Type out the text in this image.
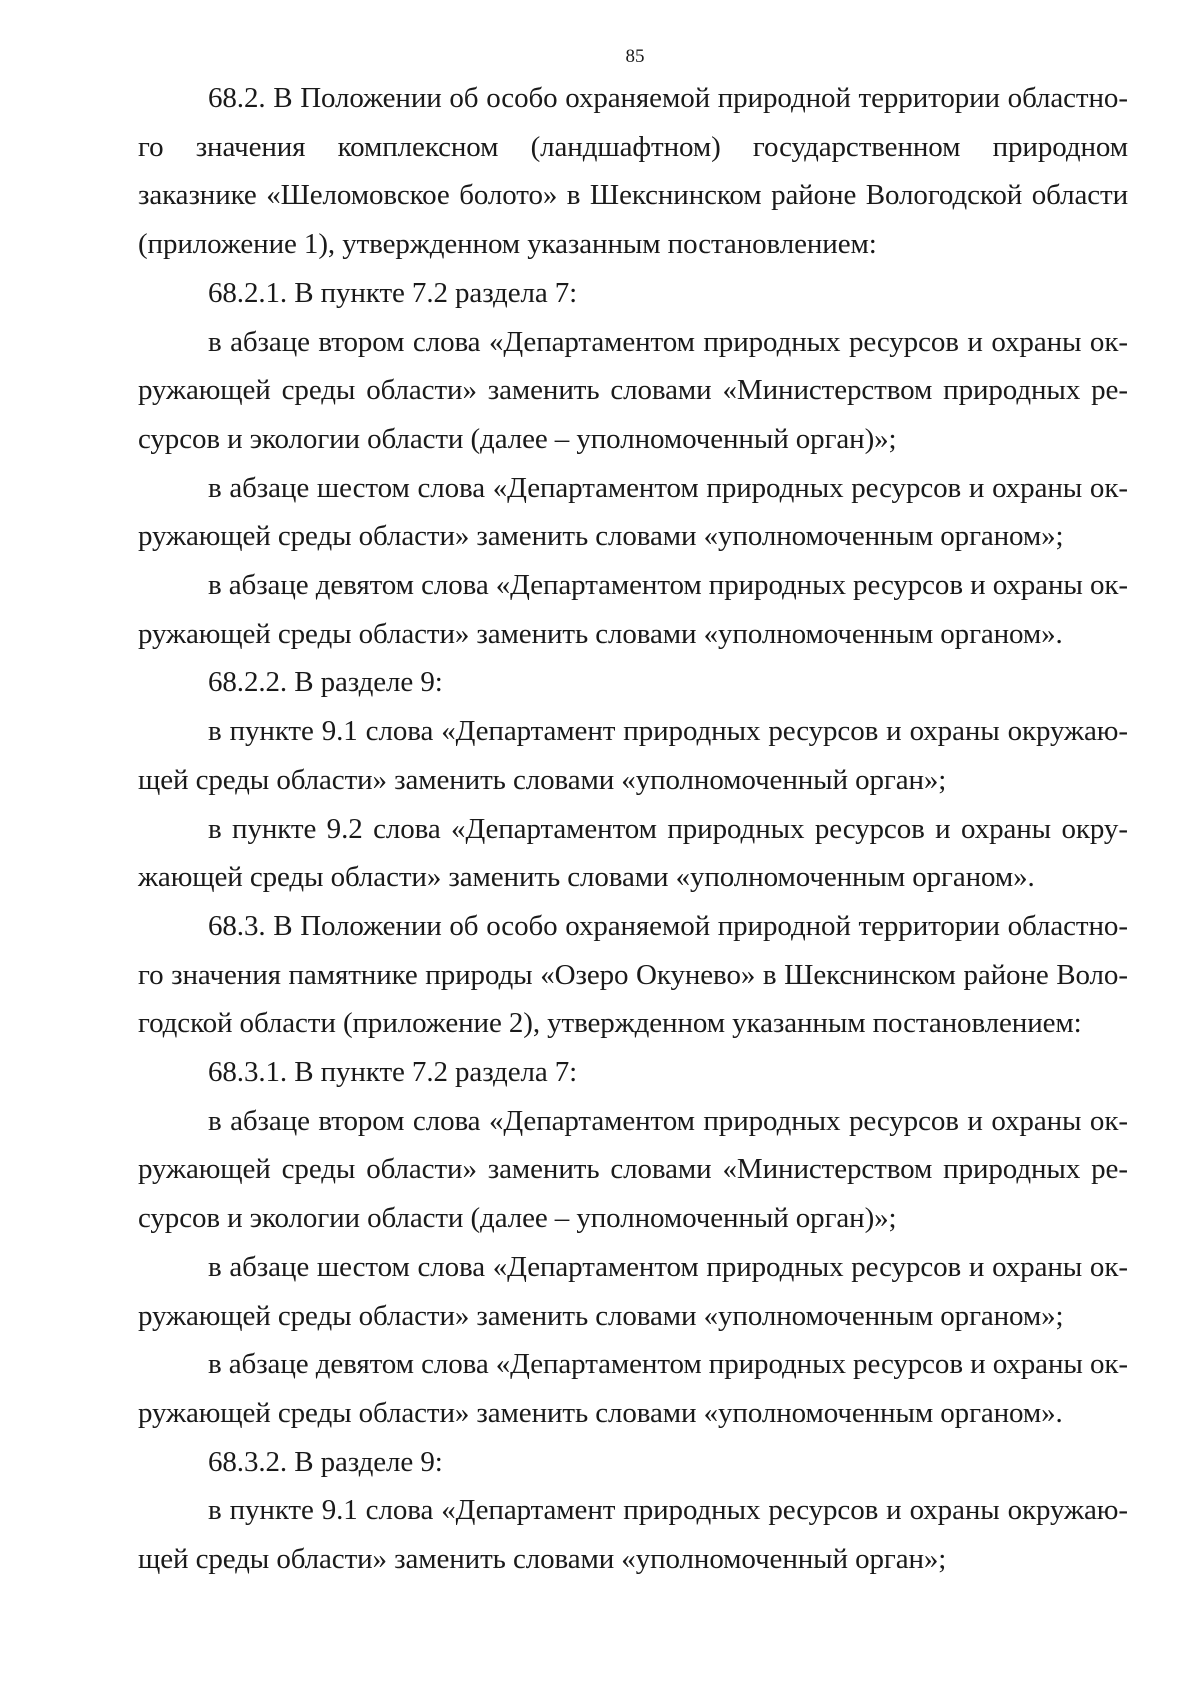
85

68.2. В Положении об особо охраняемой природной территории областного значения комплексном (ландшафтном) государственном природном заказнике «Шеломовское болото» в Шекснинском районе Вологодской области (приложение 1), утвержденном указанным постановлением:

68.2.1. В пункте 7.2 раздела 7:

в абзаце втором слова «Департаментом природных ресурсов и охраны окружающей среды области» заменить словами «Министерством природных ресурсов и экологии области (далее – уполномоченный орган)»;

в абзаце шестом слова «Департаментом природных ресурсов и охраны окружающей среды области» заменить словами «уполномоченным органом»;

в абзаце девятом слова «Департаментом природных ресурсов и охраны окружающей среды области» заменить словами «уполномоченным органом».

68.2.2. В разделе 9:

в пункте 9.1 слова «Департамент природных ресурсов и охраны окружающей среды области» заменить словами «уполномоченный орган»;

в пункте 9.2 слова «Департаментом природных ресурсов и охраны окружающей среды области» заменить словами «уполномоченным органом».

68.3. В Положении об особо охраняемой природной территории областного значения памятнике природы «Озеро Окунево» в Шекснинском районе Вологодской области (приложение 2), утвержденном указанным постановлением:

68.3.1. В пункте 7.2 раздела 7:

в абзаце втором слова «Департаментом природных ресурсов и охраны окружающей среды области» заменить словами «Министерством природных ресурсов и экологии области (далее – уполномоченный орган)»;

в абзаце шестом слова «Департаментом природных ресурсов и охраны окружающей среды области» заменить словами «уполномоченным органом»;

в абзаце девятом слова «Департаментом природных ресурсов и охраны окружающей среды области» заменить словами «уполномоченным органом».

68.3.2. В разделе 9:

в пункте 9.1 слова «Департамент природных ресурсов и охраны окружающей среды области» заменить словами «уполномоченный орган»;
